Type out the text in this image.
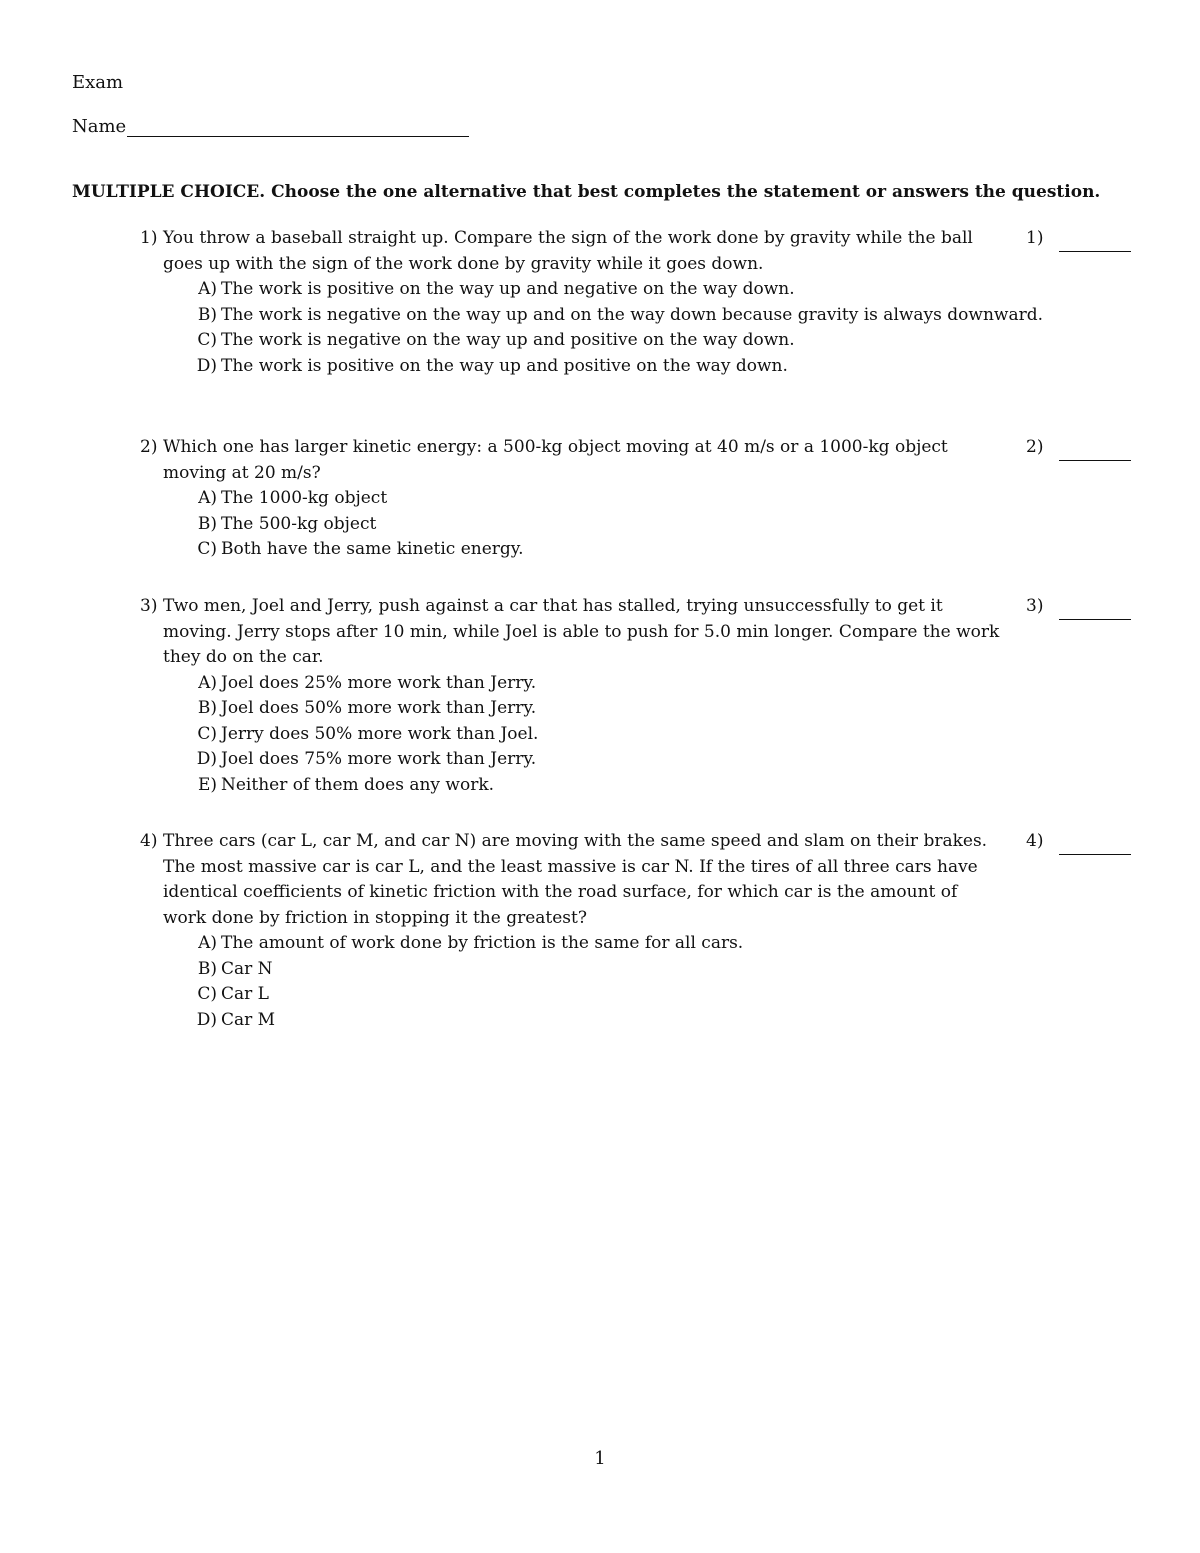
Exam
Name
MULTIPLE CHOICE. Choose the one alternative that best completes the statement or answers the question.
1) You throw a baseball straight up. Compare the sign of the work done by gravity while the ball goes up with the sign of the work done by gravity while it goes down.
A) The work is positive on the way up and negative on the way down.
B) The work is negative on the way up and on the way down because gravity is always downward.
C) The work is negative on the way up and positive on the way down.
D) The work is positive on the way up and positive on the way down.
1)
2) Which one has larger kinetic energy: a 500-kg object moving at 40 m/s or a 1000-kg object moving at 20 m/s?
A) The 1000-kg object
B) The 500-kg object
C) Both have the same kinetic energy.
2)
3) Two men, Joel and Jerry, push against a car that has stalled, trying unsuccessfully to get it moving. Jerry stops after 10 min, while Joel is able to push for 5.0 min longer. Compare the work they do on the car.
A) Joel does 25% more work than Jerry.
B) Joel does 50% more work than Jerry.
C) Jerry does 50% more work than Joel.
D) Joel does 75% more work than Jerry.
E) Neither of them does any work.
3)
4) Three cars (car L, car M, and car N) are moving with the same speed and slam on their brakes. The most massive car is car L, and the least massive is car N. If the tires of all three cars have identical coefficients of kinetic friction with the road surface, for which car is the amount of work done by friction in stopping it the greatest?
A) The amount of work done by friction is the same for all cars.
B) Car N
C) Car L
D) Car M
4)
1
